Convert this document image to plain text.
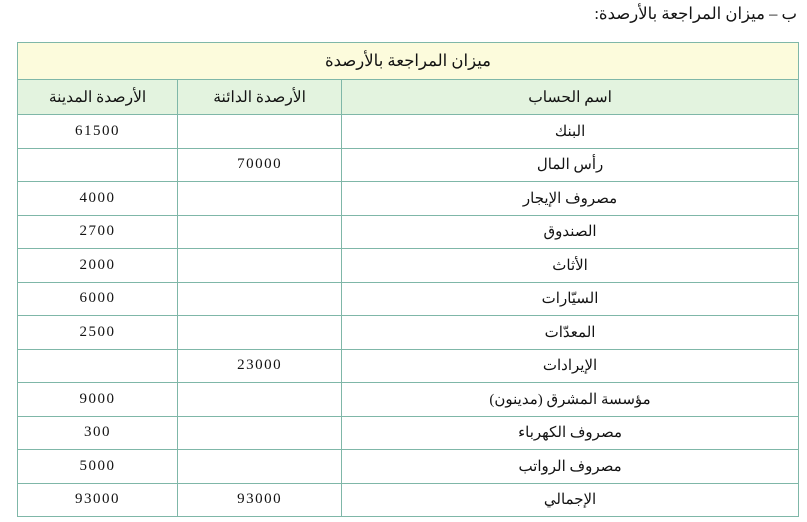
ب – ميزان المراجعة بالأرصدة:
ميزان المراجعة بالأرصدة		
اسم الحساب	الأرصدة الدائنة	الأرصدة المدينة
البنك		61500
رأس المال	70000	
مصروف الإيجار		4000
الصندوق		2700
الأثاث		2000
السيّارات		6000
المعدّات		2500
الإيرادات	23000	
مؤسسة المشرق (مدينون)		9000
مصروف الكهرباء		300
مصروف الرواتب		5000
الإجمالي	93000	93000
